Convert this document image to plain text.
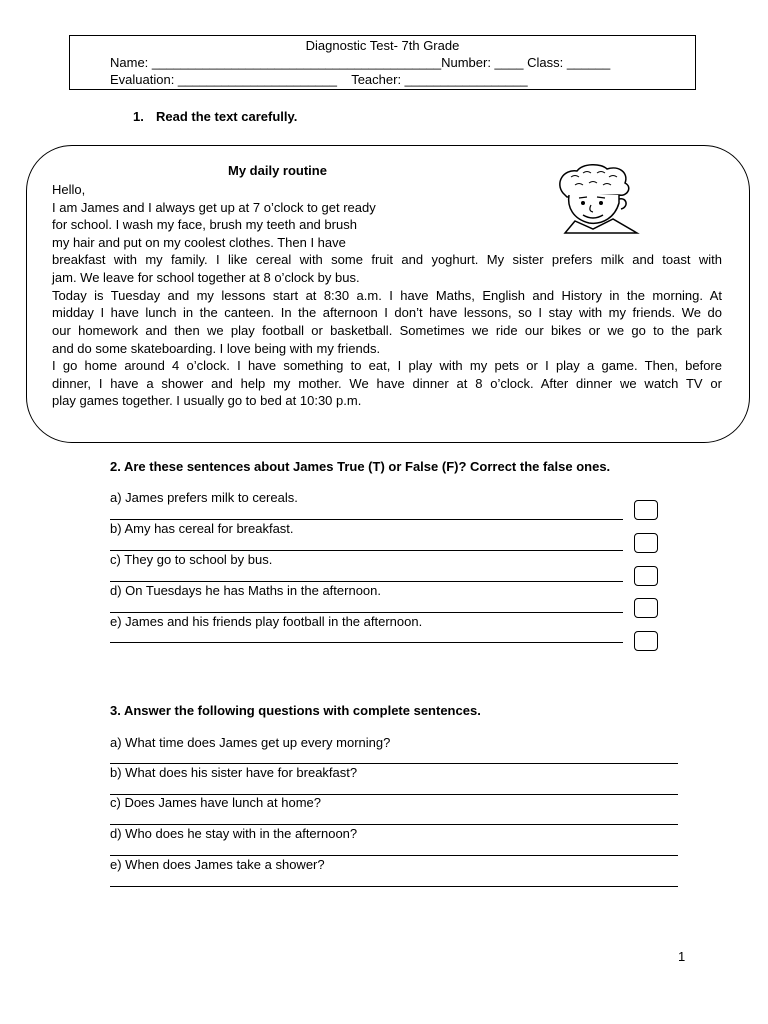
Diagnostic Test- 7th Grade
Name: ________________________________________Number: ____ Class: ______
Evaluation: ______________________    Teacher: _________________
1. Read the text carefully.
My daily routine
Hello,
I am James and I always get up at 7 o’clock to get ready
for school. I wash my face, brush my teeth and brush
my hair and put on my coolest clothes. Then I have
breakfast with my family. I like cereal with some fruit and yoghurt. My sister prefers milk and toast with
jam. We leave for school together at 8 o’clock by bus.
Today is Tuesday and my lessons start at 8:30 a.m. I have Maths, English and History in the morning. At
midday I have lunch in the canteen. In the afternoon I don’t have lessons, so I stay with my friends. We do
our homework and then we play football or basketball. Sometimes we ride our bikes or we go to the park
and do some skateboarding. I love being with my friends.
I go home around 4 o’clock. I have something to eat, I play with my pets or I play a game. Then, before
dinner, I have a shower and help my mother. We have dinner at 8 o’clock. After dinner we watch TV or
play games together. I usually go to bed at 10:30 p.m.
2. Are these sentences about James True (T) or False (F)? Correct the false ones.
a) James prefers milk to cereals.
b) Amy has cereal for breakfast.
c) They go to school by bus.
d) On Tuesdays he has Maths in the afternoon.
e) James and his friends play football in the afternoon.
3. Answer the following questions with complete sentences.
a) What time does James get up every morning?
b) What does his sister have for breakfast?
c) Does James have lunch at home?
d) Who does he stay with in the afternoon?
e) When does James take a shower?
1
